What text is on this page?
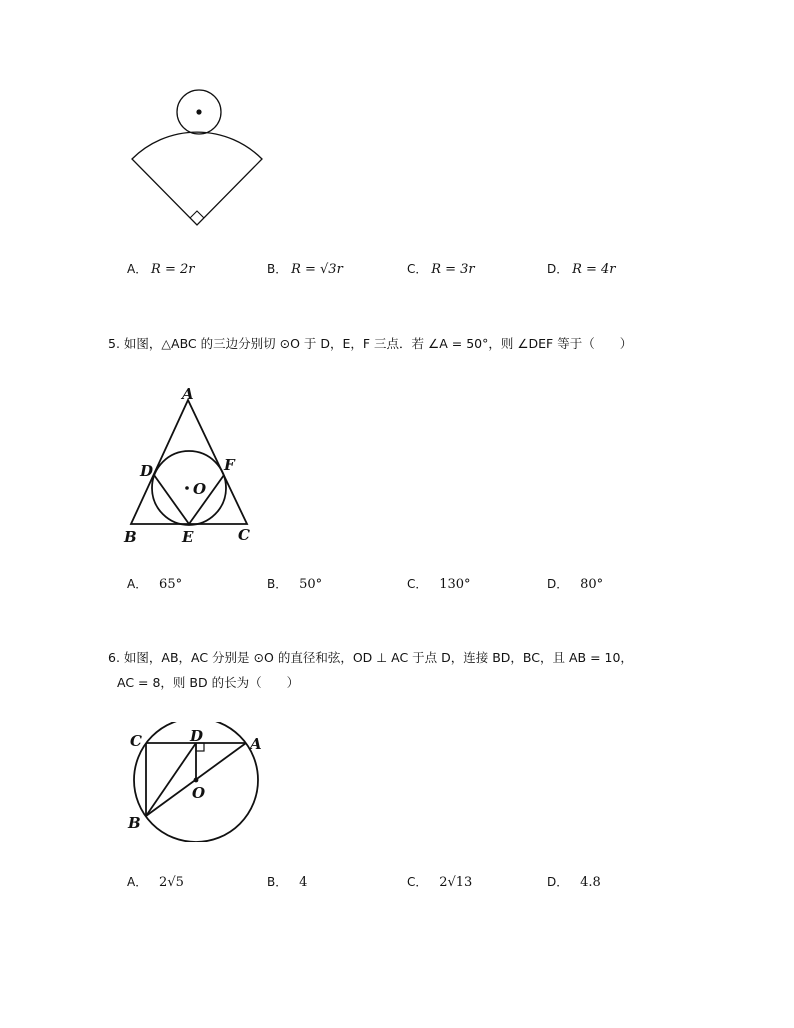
A． R = 2r	B． R = √3r	C． R = 3r	D． R = 4r
5. 如图，△ABC 的三边分别切 ⊙O 于 D，E，F 三点．若 ∠A = 50°，则 ∠DEF 等于（　　）
A
D	F
O
B	E	C
A． 65°	B． 50°	C． 130°	D． 80°
6. 如图，AB，AC 分别是 ⊙O 的直径和弦，OD ⊥ AC 于点 D，连接 BD，BC，且 AB = 10，
AC = 8，则 BD 的长为（　　）
C	D	A
O
B
A． 2√5	B． 4	C． 2√13	D． 4.8
